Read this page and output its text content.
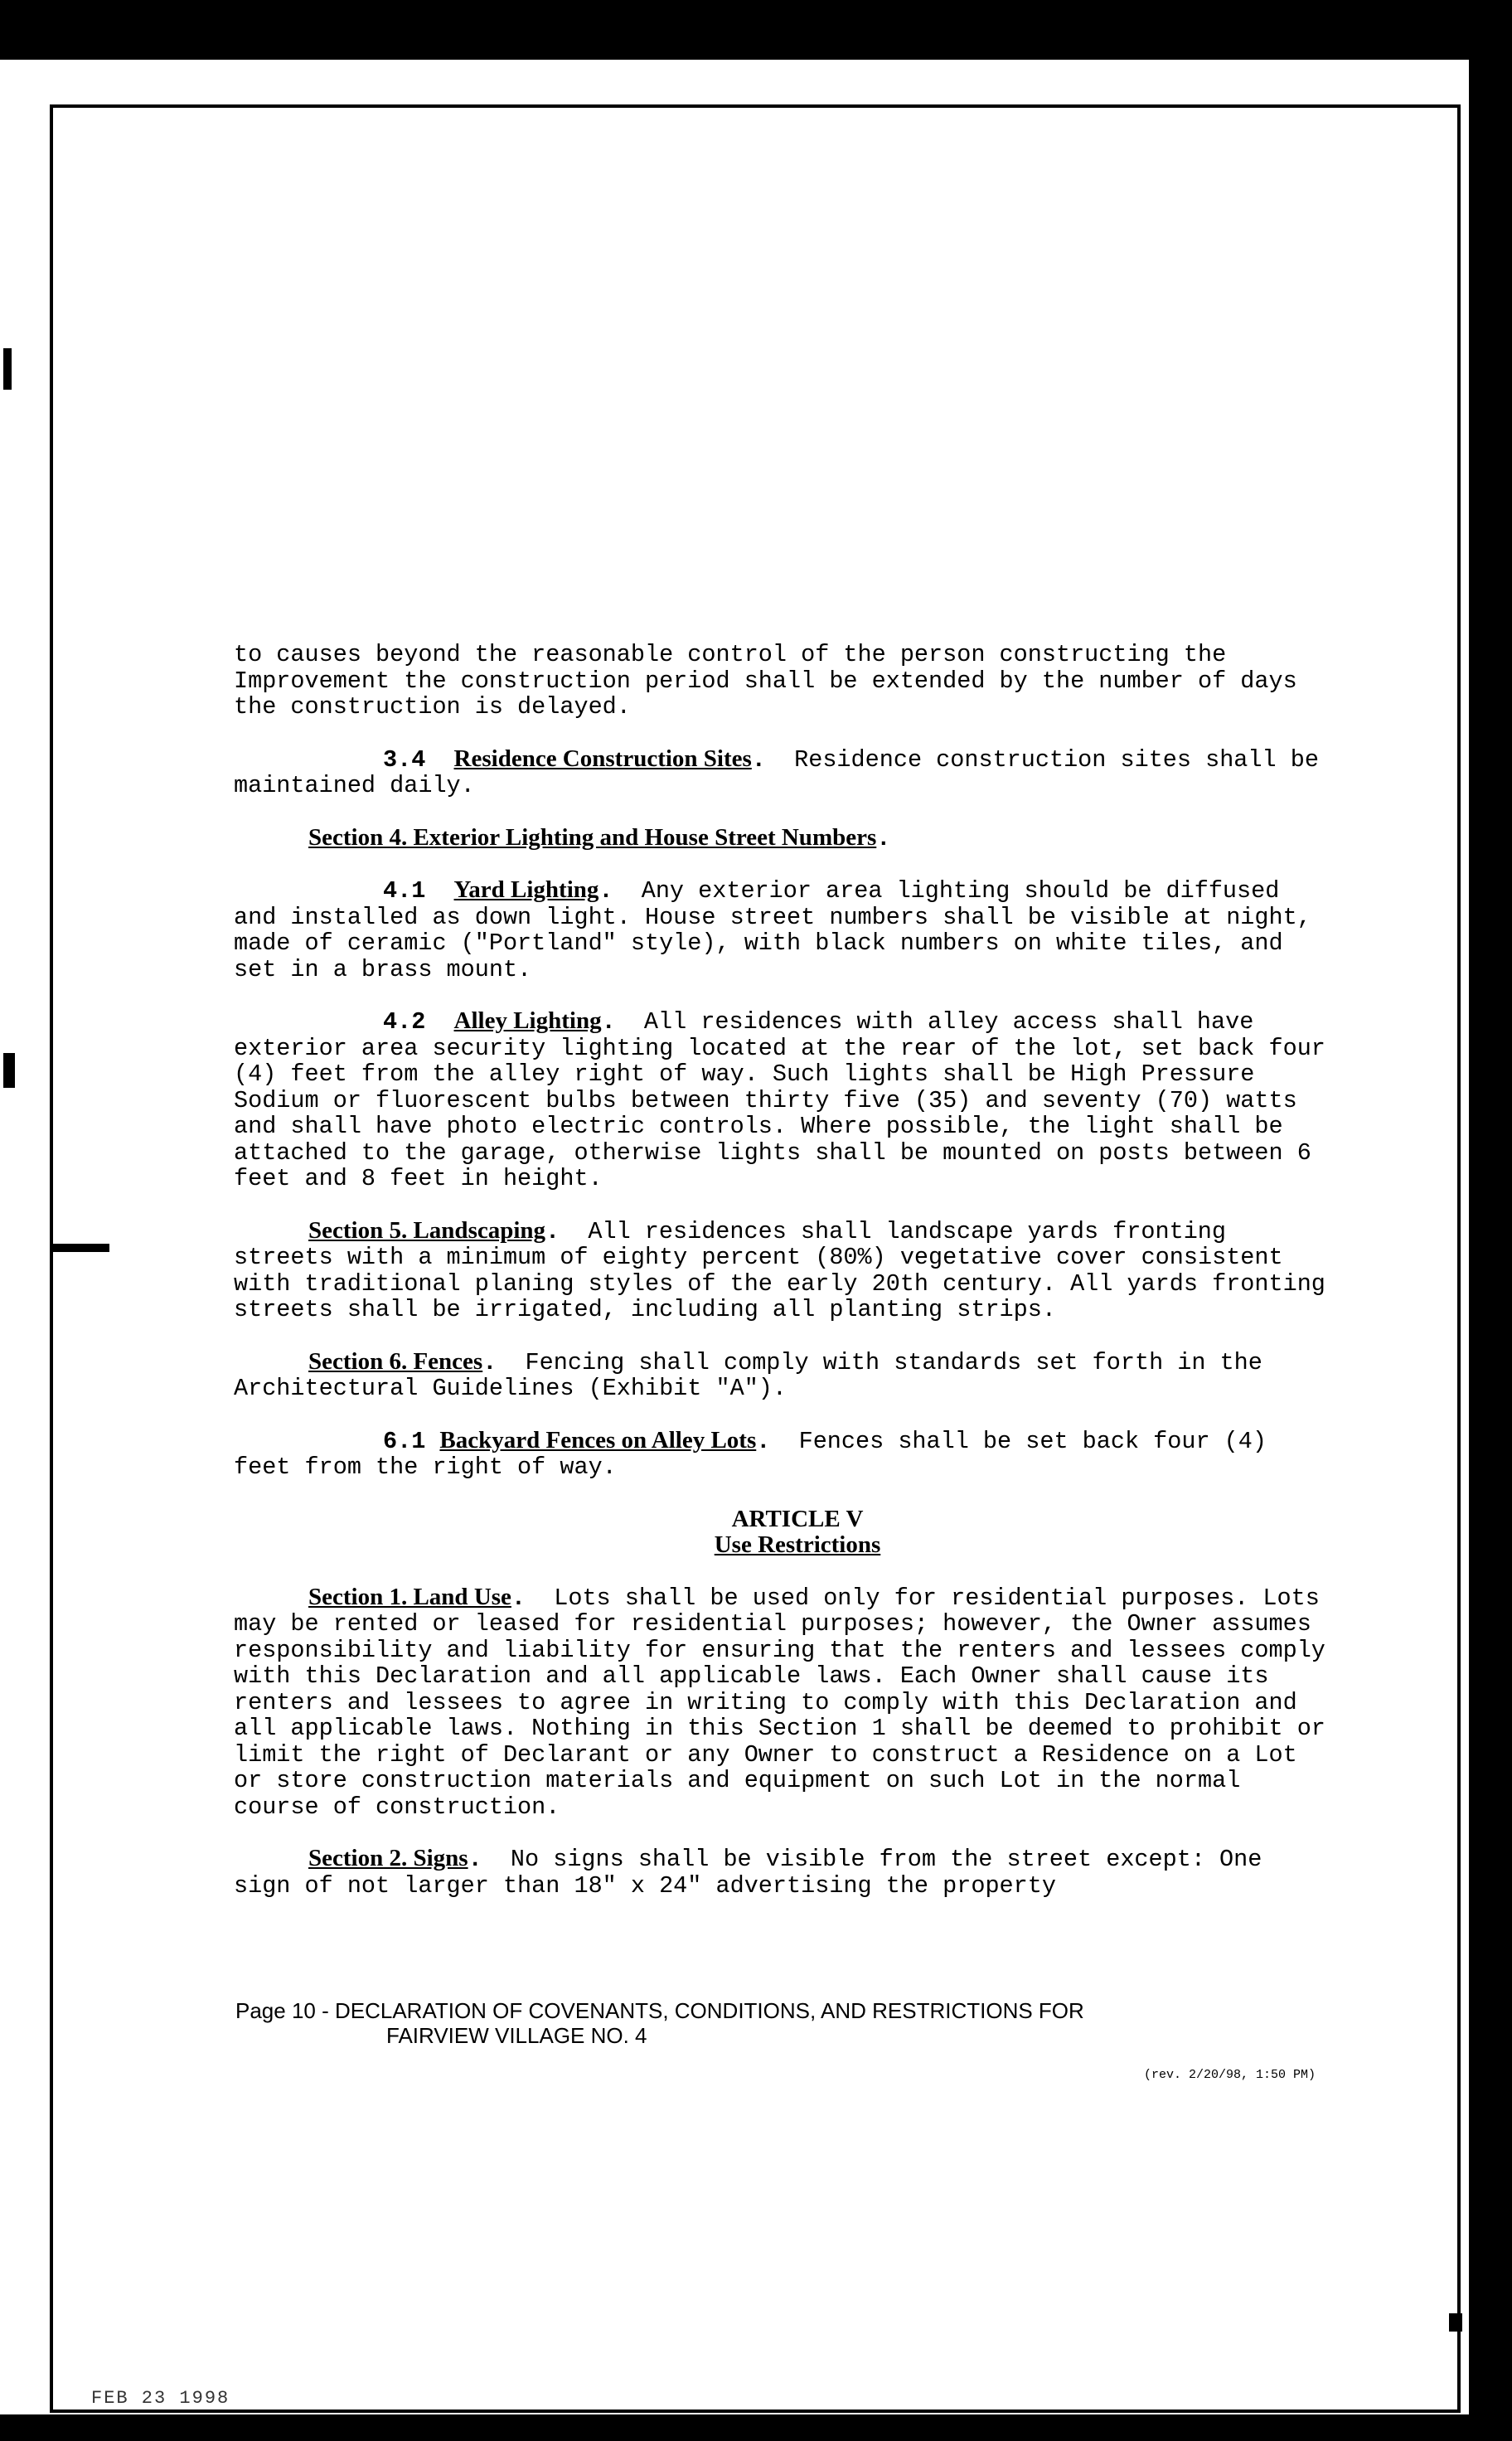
to causes beyond the reasonable control of the person constructing the Improvement the construction period shall be extended by the number of days the construction is delayed.

3.4 Residence Construction Sites. Residence construction sites shall be maintained daily.

Section 4. Exterior Lighting and House Street Numbers.

4.1 Yard Lighting. Any exterior area lighting should be diffused and installed as down light. House street numbers shall be visible at night, made of ceramic ("Portland" style), with black numbers on white tiles, and set in a brass mount.

4.2 Alley Lighting. All residences with alley access shall have exterior area security lighting located at the rear of the lot, set back four (4) feet from the alley right of way. Such lights shall be High Pressure Sodium or fluorescent bulbs between thirty five (35) and seventy (70) watts and shall have photo electric controls. Where possible, the light shall be attached to the garage, otherwise lights shall be mounted on posts between 6 feet and 8 feet in height.

Section 5. Landscaping. All residences shall landscape yards fronting streets with a minimum of eighty percent (80%) vegetative cover consistent with traditional planing styles of the early 20th century. All yards fronting streets shall be irrigated, including all planting strips.

Section 6. Fences. Fencing shall comply with standards set forth in the Architectural Guidelines (Exhibit "A").

6.1 Backyard Fences on Alley Lots. Fences shall be set back four (4) feet from the right of way.

ARTICLE V
Use Restrictions

Section 1. Land Use. Lots shall be used only for residential purposes. Lots may be rented or leased for residential purposes; however, the Owner assumes responsibility and liability for ensuring that the renters and lessees comply with this Declaration and all applicable laws. Each Owner shall cause its renters and lessees to agree in writing to comply with this Declaration and all applicable laws. Nothing in this Section 1 shall be deemed to prohibit or limit the right of Declarant or any Owner to construct a Residence on a Lot or store construction materials and equipment on such Lot in the normal course of construction.

Section 2. Signs. No signs shall be visible from the street except: One sign of not larger than 18" x 24" advertising the property

Page 10 - DECLARATION OF COVENANTS, CONDITIONS, AND RESTRICTIONS FOR
FAIRVIEW VILLAGE NO. 4
(rev. 2/20/98, 1:50 PM)
FEB 23 1998
